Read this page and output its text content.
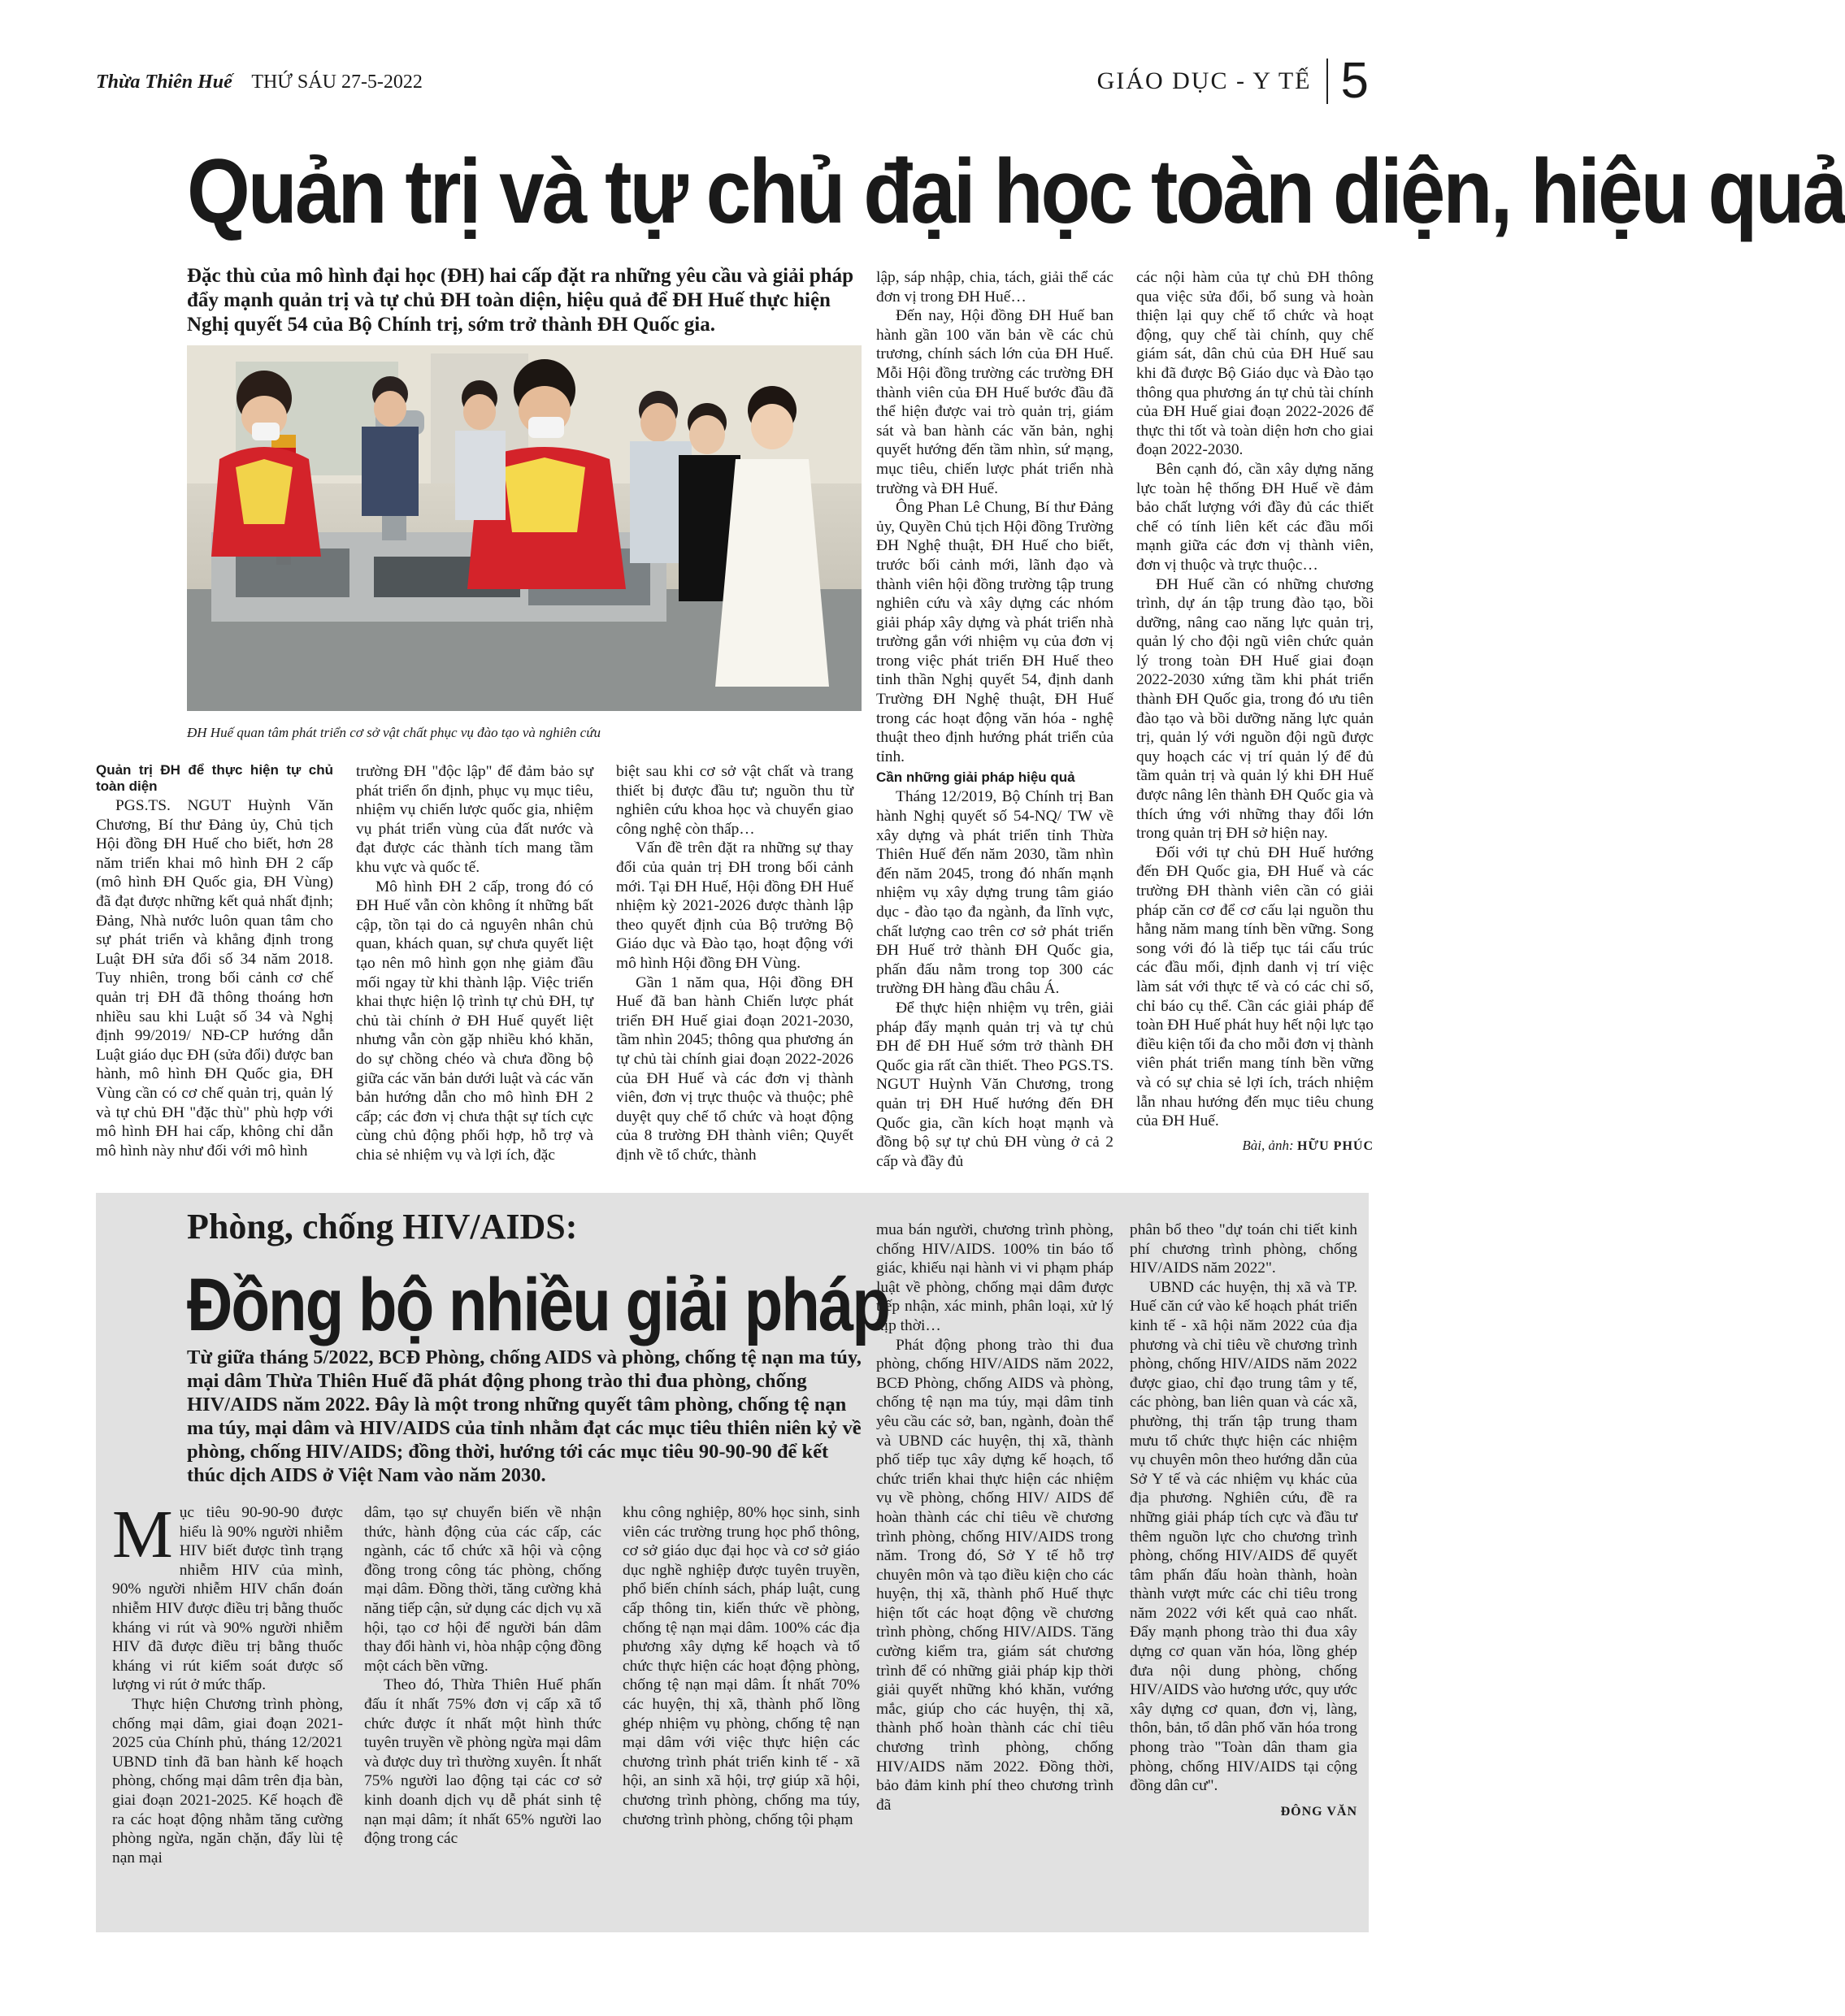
Thừa Thiên Huế THỨ SÁU 27-5-2022	GIÁO DỤC - Y TẾ 5
Quản trị và tự chủ đại học toàn diện, hiệu quả
Đặc thù của mô hình đại học (ĐH) hai cấp đặt ra những yêu cầu và giải pháp đẩy mạnh quản trị và tự chủ ĐH toàn diện, hiệu quả để ĐH Huế thực hiện Nghị quyết 54 của Bộ Chính trị, sớm trở thành ĐH Quốc gia.
ĐH Huế quan tâm phát triển cơ sở vật chất phục vụ đào tạo và nghiên cứu
Quản trị ĐH để thực hiện tự chủ toàn diện

PGS.TS. NGUT Huỳnh Văn Chương, Bí thư Đảng ủy, Chủ tịch Hội đồng ĐH Huế cho biết, hơn 28 năm triển khai mô hình ĐH 2 cấp (mô hình ĐH Quốc gia, ĐH Vùng) đã đạt được những kết quả nhất định; Đảng, Nhà nước luôn quan tâm cho sự phát triển và khẳng định trong Luật ĐH sửa đổi số 34 năm 2018. Tuy nhiên, trong bối cảnh cơ chế quản trị ĐH đã thông thoáng hơn nhiều sau khi Luật số 34 và Nghị định 99/2019/ NĐ-CP hướng dẫn Luật giáo dục ĐH (sửa đổi) được ban hành, mô hình ĐH Quốc gia, ĐH Vùng cần có cơ chế quản trị, quản lý và tự chủ ĐH "đặc thù" phù hợp với mô hình ĐH hai cấp, không chỉ dẫn mô hình này như đối với mô hình

trường ĐH "độc lập" để đảm bảo sự phát triển ổn định, phục vụ mục tiêu, nhiệm vụ chiến lược quốc gia, nhiệm vụ phát triển vùng của đất nước và đạt được các thành tích mang tầm khu vực và quốc tế.

Mô hình ĐH 2 cấp, trong đó có ĐH Huế vẫn còn không ít những bất cập, tồn tại do cả nguyên nhân chủ quan, khách quan, sự chưa quyết liệt tạo nên mô hình gọn nhẹ giảm đầu mối ngay từ khi thành lập. Việc triển khai thực hiện lộ trình tự chủ ĐH, tự chủ tài chính ở ĐH Huế quyết liệt nhưng vẫn còn gặp nhiều khó khăn, do sự chồng chéo và chưa đồng bộ giữa các văn bản dưới luật và các văn bản hướng dẫn cho mô hình ĐH 2 cấp; các đơn vị chưa thật sự tích cực cùng chủ động phối hợp, hỗ trợ và chia sẻ nhiệm vụ và lợi ích, đặc

biệt sau khi cơ sở vật chất và trang thiết bị được đầu tư; nguồn thu từ nghiên cứu khoa học và chuyển giao công nghệ còn thấp…

Vấn đề trên đặt ra những sự thay đổi của quản trị ĐH trong bối cảnh mới. Tại ĐH Huế, Hội đồng ĐH Huế nhiệm kỳ 2021-2026 được thành lập theo quyết định của Bộ trưởng Bộ Giáo dục và Đào tạo, hoạt động với mô hình Hội đồng ĐH Vùng.

Gần 1 năm qua, Hội đồng ĐH Huế đã ban hành Chiến lược phát triển ĐH Huế giai đoạn 2021-2030, tầm nhìn 2045; thông qua phương án tự chủ tài chính giai đoạn 2022-2026 của ĐH Huế và các đơn vị thành viên, đơn vị trực thuộc và thuộc; phê duyệt quy chế tổ chức và hoạt động của 8 trường ĐH thành viên; Quyết định về tổ chức, thành

lập, sáp nhập, chia, tách, giải thể các đơn vị trong ĐH Huế…

Đến nay, Hội đồng ĐH Huế ban hành gần 100 văn bản về các chủ trương, chính sách lớn của ĐH Huế. Mỗi Hội đồng trường các trường ĐH thành viên của ĐH Huế bước đầu đã thể hiện được vai trò quản trị, giám sát và ban hành các văn bản, nghị quyết hướng đến tầm nhìn, sứ mạng, mục tiêu, chiến lược phát triển nhà trường và ĐH Huế.

Ông Phan Lê Chung, Bí thư Đảng ủy, Quyền Chủ tịch Hội đồng Trường ĐH Nghệ thuật, ĐH Huế cho biết, trước bối cảnh mới, lãnh đạo và thành viên hội đồng trường tập trung nghiên cứu và xây dựng các nhóm giải pháp xây dựng và phát triển nhà trường gắn với nhiệm vụ của đơn vị trong việc phát triển ĐH Huế theo tinh thần Nghị quyết 54, định danh Trường ĐH Nghệ thuật, ĐH Huế trong các hoạt động văn hóa - nghệ thuật theo định hướng phát triển của tỉnh.

Cần những giải pháp hiệu quả

Tháng 12/2019, Bộ Chính trị Ban hành Nghị quyết số 54-NQ/ TW về xây dựng và phát triển tỉnh Thừa Thiên Huế đến năm 2030, tầm nhìn đến năm 2045, trong đó nhấn mạnh nhiệm vụ xây dựng trung tâm giáo dục - đào tạo đa ngành, đa lĩnh vực, chất lượng cao trên cơ sở phát triển ĐH Huế trở thành ĐH Quốc gia, phấn đấu nằm trong top 300 các trường ĐH hàng đầu châu Á.

Để thực hiện nhiệm vụ trên, giải pháp đẩy mạnh quản trị và tự chủ ĐH để ĐH Huế sớm trở thành ĐH Quốc gia rất cần thiết. Theo PGS.TS. NGUT Huỳnh Văn Chương, trong quản trị ĐH Huế hướng đến ĐH Quốc gia, cần kích hoạt mạnh và đồng bộ sự tự chủ ĐH vùng ở cả 2 cấp và đầy đủ

các nội hàm của tự chủ ĐH thông qua việc sửa đổi, bổ sung và hoàn thiện lại quy chế tổ chức và hoạt động, quy chế tài chính, quy chế giám sát, dân chủ của ĐH Huế sau khi đã được Bộ Giáo dục và Đào tạo thông qua phương án tự chủ tài chính của ĐH Huế giai đoạn 2022-2026 để thực thi tốt và toàn diện hơn cho giai đoạn 2022-2030.

Bên cạnh đó, cần xây dựng năng lực toàn hệ thống ĐH Huế về đảm bảo chất lượng với đầy đủ các thiết chế có tính liên kết các đầu mối mạnh giữa các đơn vị thành viên, đơn vị thuộc và trực thuộc…

ĐH Huế cần có những chương trình, dự án tập trung đào tạo, bồi dưỡng, nâng cao năng lực quản trị, quản lý cho đội ngũ viên chức quản lý trong toàn ĐH Huế giai đoạn 2022-2030 xứng tầm khi phát triển thành ĐH Quốc gia, trong đó ưu tiên đào tạo và bồi dưỡng năng lực quản trị, quản lý với nguồn đội ngũ được quy hoạch các vị trí quản lý để đủ tầm quản trị và quản lý khi ĐH Huế được nâng lên thành ĐH Quốc gia và thích ứng với những thay đổi lớn trong quản trị ĐH sở hiện nay.

Đối với tự chủ ĐH Huế hướng đến ĐH Quốc gia, ĐH Huế và các trường ĐH thành viên cần có giải pháp căn cơ để cơ cấu lại nguồn thu hằng năm mang tính bền vững. Song song với đó là tiếp tục tái cấu trúc các đầu mối, định danh vị trí việc làm sát với thực tế và có các chỉ số, chỉ báo cụ thể. Cần các giải pháp để toàn ĐH Huế phát huy hết nội lực tạo điều kiện tối đa cho mỗi đơn vị thành viên phát triển mang tính bền vững và có sự chia sẻ lợi ích, trách nhiệm lẫn nhau hướng đến mục tiêu chung của ĐH Huế.

Bài, ảnh: HỮU PHÚC
Phòng, chống HIV/AIDS:
Đồng bộ nhiều giải pháp
Từ giữa tháng 5/2022, BCĐ Phòng, chống AIDS và phòng, chống tệ nạn ma túy, mại dâm Thừa Thiên Huế đã phát động phong trào thi đua phòng, chống HIV/AIDS năm 2022. Đây là một trong những quyết tâm phòng, chống tệ nạn ma túy, mại dâm và HIV/AIDS của tỉnh nhằm đạt các mục tiêu thiên niên kỷ về phòng, chống HIV/AIDS; đồng thời, hướng tới các mục tiêu 90-90-90 để kết thúc dịch AIDS ở Việt Nam vào năm 2030.
M ục tiêu 90-90-90 được hiểu là 90% người nhiễm HIV biết được tình trạng nhiễm HIV của mình, 90% người nhiễm HIV chẩn đoán nhiễm HIV được điều trị bằng thuốc kháng vi rút và 90% người nhiễm HIV đã được điều trị bằng thuốc kháng vi rút kiểm soát được số lượng vi rút ở mức thấp.

Thực hiện Chương trình phòng, chống mại dâm, giai đoạn 2021-2025 của Chính phủ, tháng 12/2021 UBND tỉnh đã ban hành kế hoạch phòng, chống mại dâm trên địa bàn, giai đoạn 2021-2025. Kế hoạch đề ra các hoạt động nhằm tăng cường phòng ngừa, ngăn chặn, đẩy lùi tệ nạn mại

dâm, tạo sự chuyển biến về nhận thức, hành động của các cấp, các ngành, các tổ chức xã hội và cộng đồng trong công tác phòng, chống mại dâm. Đồng thời, tăng cường khả năng tiếp cận, sử dụng các dịch vụ xã hội, tạo cơ hội để người bán dâm thay đổi hành vi, hòa nhập cộng đồng một cách bền vững.

Theo đó, Thừa Thiên Huế phấn đấu ít nhất 75% đơn vị cấp xã tổ chức được ít nhất một hình thức tuyên truyền về phòng ngừa mại dâm và được duy trì thường xuyên. Ít nhất 75% người lao động tại các cơ sở kinh doanh dịch vụ dễ phát sinh tệ nạn mại dâm; ít nhất 65% người lao động trong các

khu công nghiệp, 80% học sinh, sinh viên các trường trung học phổ thông, cơ sở giáo dục đại học và cơ sở giáo dục nghề nghiệp được tuyên truyền, phổ biến chính sách, pháp luật, cung cấp thông tin, kiến thức về phòng, chống tệ nạn mại dâm. 100% các địa phương xây dựng kế hoạch và tổ chức thực hiện các hoạt động phòng, chống tệ nạn mại dâm. Ít nhất 70% các huyện, thị xã, thành phố lồng ghép nhiệm vụ phòng, chống tệ nạn mại dâm với việc thực hiện các chương trình phát triển kinh tế - xã hội, an sinh xã hội, trợ giúp xã hội, chương trình phòng, chống ma túy, chương trình phòng, chống tội phạm

mua bán người, chương trình phòng, chống HIV/AIDS. 100% tin báo tố giác, khiếu nại hành vi vi phạm pháp luật về phòng, chống mại dâm được tiếp nhận, xác minh, phân loại, xử lý kịp thời…

Phát động phong trào thi đua phòng, chống HIV/AIDS năm 2022, BCĐ Phòng, chống AIDS và phòng, chống tệ nạn ma túy, mại dâm tỉnh yêu cầu các sở, ban, ngành, đoàn thể và UBND các huyện, thị xã, thành phố tiếp tục xây dựng kế hoạch, tổ chức triển khai thực hiện các nhiệm vụ về phòng, chống HIV/ AIDS để hoàn thành các chỉ tiêu về chương trình phòng, chống HIV/AIDS trong năm. Trong đó, Sở Y tế hỗ trợ chuyên môn và tạo điều kiện cho các huyện, thị xã, thành phố Huế thực hiện tốt các hoạt động về chương trình phòng, chống HIV/AIDS. Tăng cường kiểm tra, giám sát chương trình để có những giải pháp kịp thời giải quyết những khó khăn, vướng mắc, giúp cho các huyện, thị xã, thành phố hoàn thành các chỉ tiêu chương trình phòng, chống HIV/AIDS năm 2022. Đồng thời, bảo đảm kinh phí theo chương trình đã

phân bổ theo "dự toán chi tiết kinh phí chương trình phòng, chống HIV/AIDS năm 2022".

UBND các huyện, thị xã và TP. Huế căn cứ vào kế hoạch phát triển kinh tế - xã hội năm 2022 của địa phương và chỉ tiêu về chương trình phòng, chống HIV/AIDS năm 2022 được giao, chỉ đạo trung tâm y tế, các phòng, ban liên quan và các xã, phường, thị trấn tập trung tham mưu tổ chức thực hiện các nhiệm vụ chuyên môn theo hướng dẫn của Sở Y tế và các nhiệm vụ khác của địa phương. Nghiên cứu, đề ra những giải pháp tích cực và đầu tư thêm nguồn lực cho chương trình phòng, chống HIV/AIDS để quyết tâm phấn đấu hoàn thành, hoàn thành vượt mức các chỉ tiêu trong năm 2022 với kết quả cao nhất. Đẩy mạnh phong trào thi đua xây dựng cơ quan văn hóa, lồng ghép đưa nội dung phòng, chống HIV/AIDS vào hương ước, quy ước xây dựng cơ quan, đơn vị, làng, thôn, bản, tổ dân phố văn hóa trong phong trào "Toàn dân tham gia phòng, chống HIV/AIDS tại cộng đồng dân cư".

ĐÔNG VĂN
